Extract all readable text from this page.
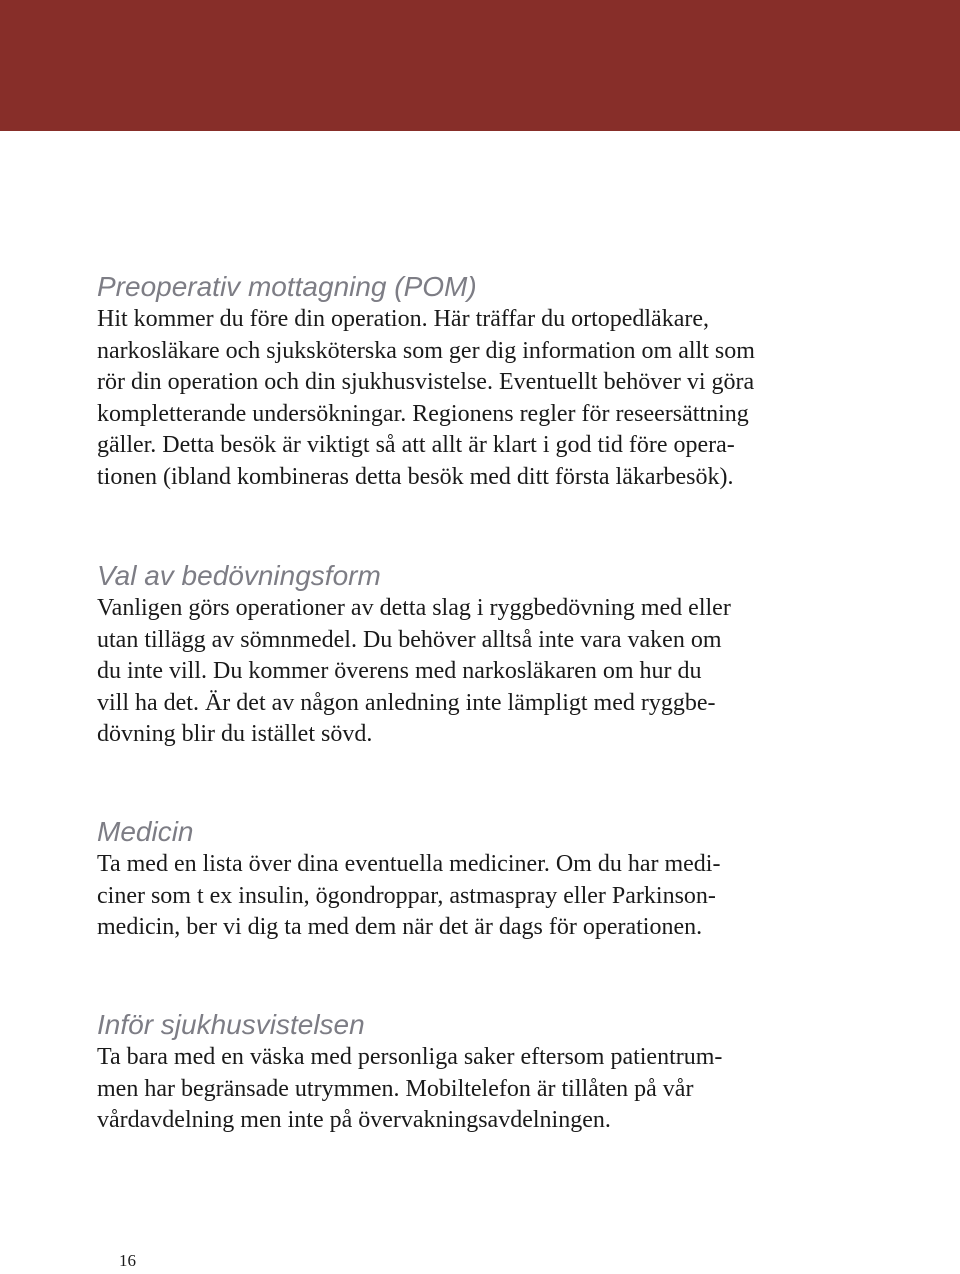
Preoperativ mottagning (POM)
Hit kommer du före din operation. Här träffar du ortopedläkare,
narkosläkare och sjuksköterska som ger dig information om allt som
rör din operation och din sjukhusvistelse. Eventuellt behöver vi göra
kompletterande undersökningar. Regionens regler för reseersättning
gäller. Detta besök är viktigt så att allt är klart i god tid före opera-
tionen (ibland kombineras detta besök med ditt första läkarbesök).
Val av bedövningsform
Vanligen görs operationer av detta slag i ryggbedövning med eller
utan tillägg av sömnmedel. Du behöver alltså inte vara vaken om
du inte vill. Du kommer överens med narkosläkaren om hur du
vill ha det. Är det av någon anledning inte lämpligt med ryggbe-
dövning blir du istället sövd.
Medicin
Ta med en lista över dina eventuella mediciner. Om du har medi-
ciner som t ex insulin, ögondroppar, astmaspray eller Parkinson-
medicin, ber vi dig ta med dem när det är dags för operationen.
Inför sjukhusvistelsen
Ta bara med en väska med personliga saker eftersom patientrum-
men har begränsade utrymmen. Mobiltelefon är tillåten på vår
vårdavdelning men inte på övervakningsavdelningen.
16
